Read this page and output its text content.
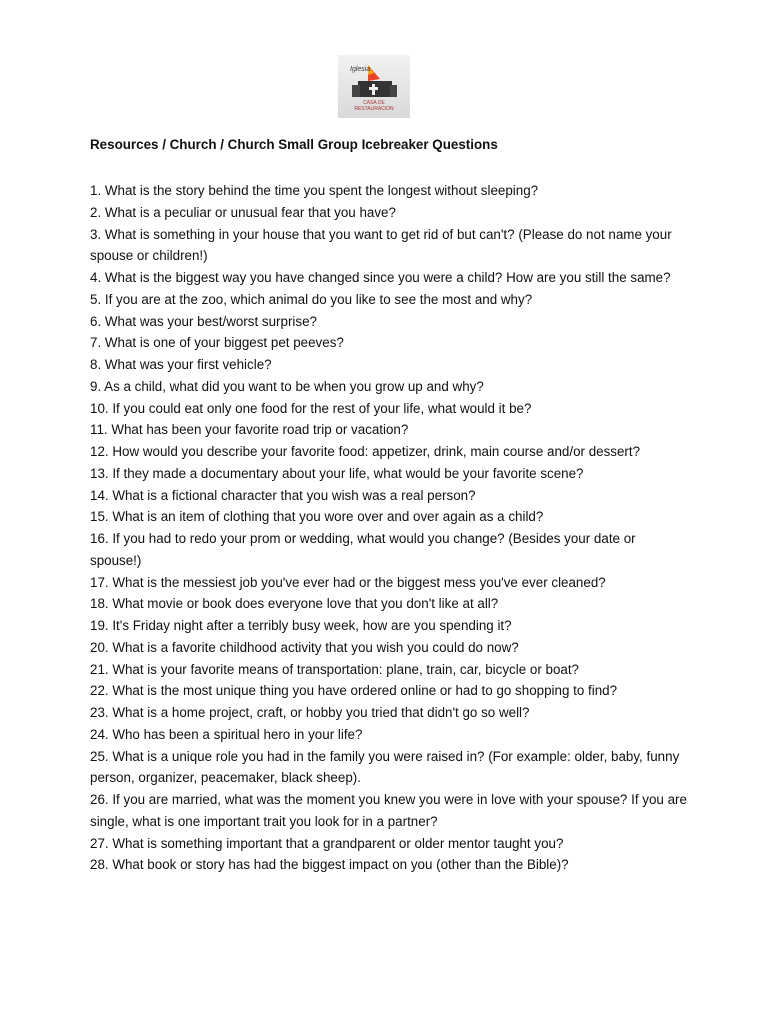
Iglesia
CASA DE
RESTAURACION
Resources / Church / Church Small Group Icebreaker Questions
1. What is the story behind the time you spent the longest without sleeping?
2. What is a peculiar or unusual fear that you have?
3. What is something in your house that you want to get rid of but can't? (Please do not name your spouse or children!)
4. What is the biggest way you have changed since you were a child? How are you still the same?
5. If you are at the zoo, which animal do you like to see the most and why?
6. What was your best/worst surprise?
7. What is one of your biggest pet peeves?
8. What was your first vehicle?
9. As a child, what did you want to be when you grow up and why?
10. If you could eat only one food for the rest of your life, what would it be?
11. What has been your favorite road trip or vacation?
12. How would you describe your favorite food: appetizer, drink, main course and/or dessert?
13. If they made a documentary about your life, what would be your favorite scene?
14. What is a fictional character that you wish was a real person?
15. What is an item of clothing that you wore over and over again as a child?
16. If you had to redo your prom or wedding, what would you change? (Besides your date or spouse!)
17. What is the messiest job you've ever had or the biggest mess you've ever cleaned?
18. What movie or book does everyone love that you don't like at all?
19. It's Friday night after a terribly busy week, how are you spending it?
20. What is a favorite childhood activity that you wish you could do now?
21. What is your favorite means of transportation: plane, train, car, bicycle or boat?
22. What is the most unique thing you have ordered online or had to go shopping to find?
23. What is a home project, craft, or hobby you tried that didn't go so well?
24. Who has been a spiritual hero in your life?
25. What is a unique role you had in the family you were raised in? (For example: older, baby, funny person, organizer, peacemaker, black sheep).
26. If you are married, what was the moment you knew you were in love with your spouse? If you are single, what is one important trait you look for in a partner?
27. What is something important that a grandparent or older mentor taught you?
28. What book or story has had the biggest impact on you (other than the Bible)?
